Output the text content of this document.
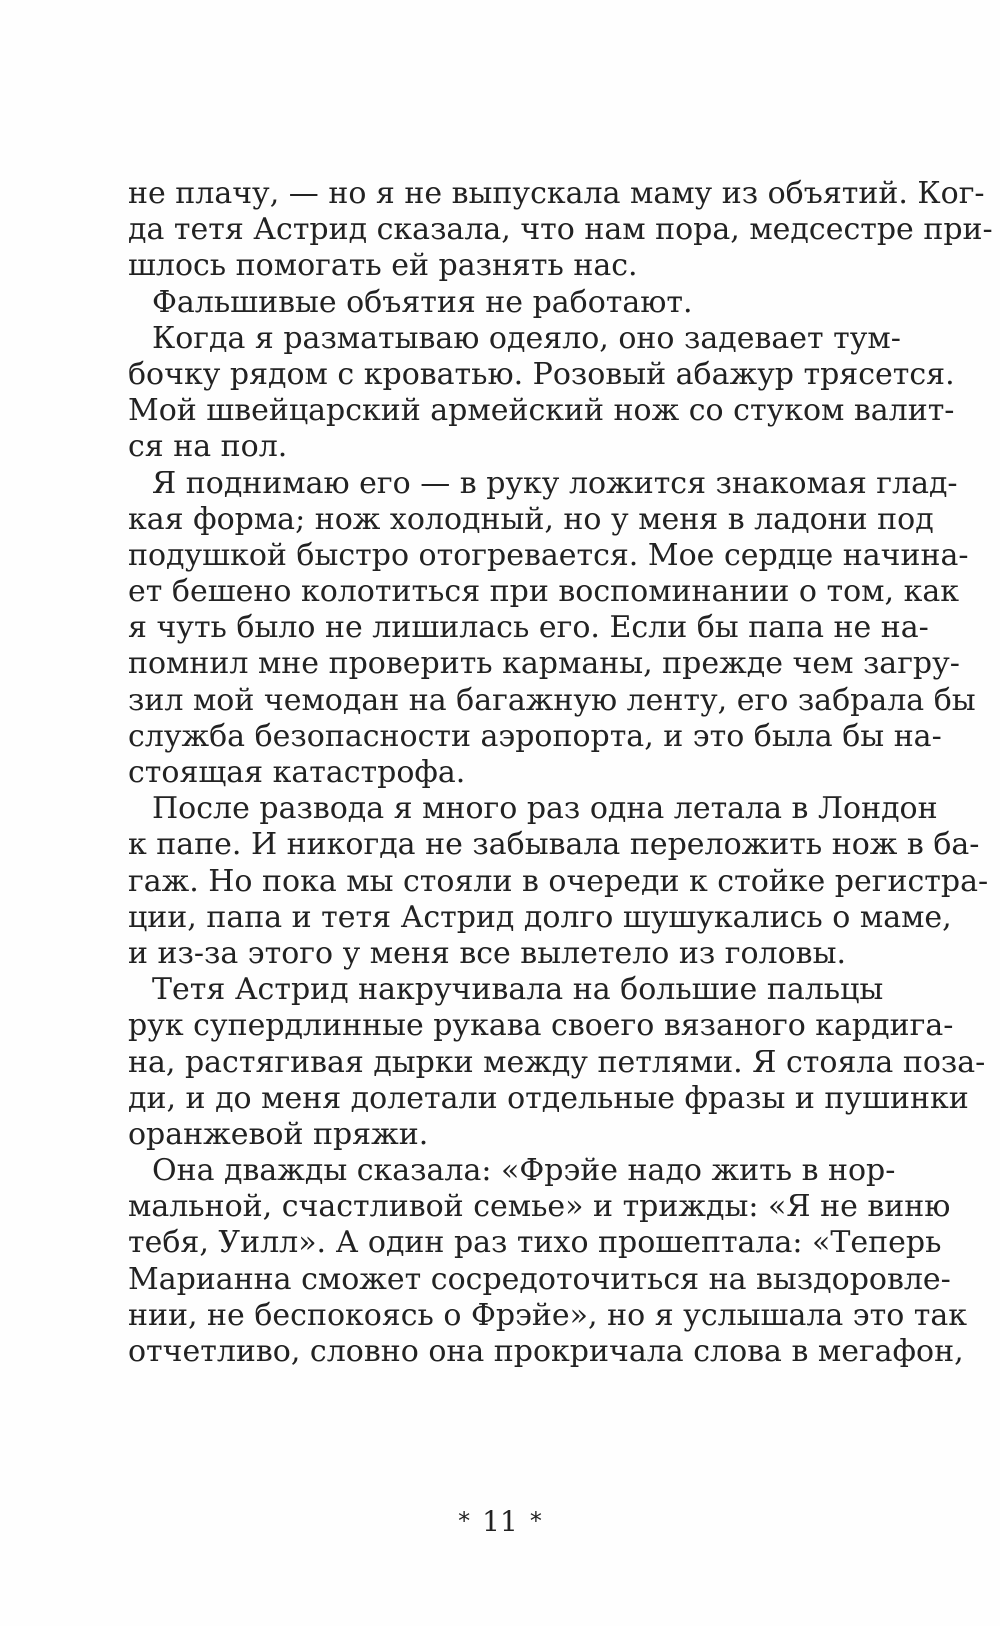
не плачу, — но я не выпускала маму из объятий. Ког-
да тетя Астрид сказала, что нам пора, медсестре при-
шлось помогать ей разнять нас.
Фальшивые объятия не работают.
Когда я разматываю одеяло, оно задевает тум-
бочку рядом с кроватью. Розовый абажур трясется.
Мой швейцарский армейский нож со стуком валит-
ся на пол.
Я поднимаю его — в руку ложится знакомая глад-
кая форма; нож холодный, но у меня в ладони под
подушкой быстро отогревается. Мое сердце начина-
ет бешено колотиться при воспоминании о том, как
я чуть было не лишилась его. Если бы папа не на-
помнил мне проверить карманы, прежде чем загру-
зил мой чемодан на багажную ленту, его забрала бы
служба безопасности аэропорта, и это была бы на-
стоящая катастрофа.
После развода я много раз одна летала в Лондон
к папе. И никогда не забывала переложить нож в ба-
гаж. Но пока мы стояли в очереди к стойке регистра-
ции, папа и тетя Астрид долго шушукались о маме,
и из-за этого у меня все вылетело из головы.
Тетя Астрид накручивала на большие пальцы
рук супердлинные рукава своего вязаного кардига-
на, растягивая дырки между петлями. Я стояла поза-
ди, и до меня долетали отдельные фразы и пушинки
оранжевой пряжи.
Она дважды сказала: «Фрэйе надо жить в нор-
мальной, счастливой семье» и трижды: «Я не виню
тебя, Уилл». А один раз тихо прошептала: «Теперь
Марианна сможет сосредоточиться на выздоровле-
нии, не беспокоясь о Фрэйе», но я услышала это так
отчетливо, словно она прокричала слова в мегафон,
* 11 *
